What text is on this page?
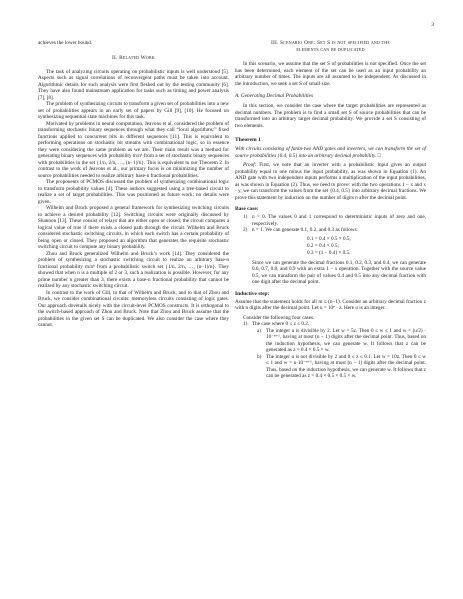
3

achieves the lower bound.

II. Related Work

The task of analyzing circuits operating on probabilistic inputs is well understood [5]. Aspects such as signal correlations of reconvergent paths must be taken into account. Algorithmic details for such analysis were first fleshed out by the testing community [6]. They have also found mainstream application for tasks such as timing and power analysis [7], [8].

The problem of synthesizing circuits to transform a given set of probabilities into a new set of probabilities appears in an early set of papers by Gill [9], [10]. He focused on synthesizing sequential state machines for this task.

Motivated by problems in neural computation, Jeavons et al. considered the problem of transforming stochastic binary sequences through what they call “local algorithms:” fixed functions applied to concurrent bits in different sequences [11]. This is equivalent to performing operations on stochastic bit streams with combinational logic, so in essence they were considering the same problem as we are. Their main result was a method for generating binary sequences with probability m/nᵏ from a set of stochastic binary sequences with probabilities in the set {1/n, 2/n, …, (n−1)/n}. This is equivalent to our Theorem 2. In contrast to the work of Jeavons et al., our primary focus is on minimizing the number of source probabilities needed to realize arbitrary base-n fractional probabilities.

The proponents of PCMOS discussed the problem of synthesizing combinational logic to transform probability values [4]. These authors suggested using a tree-based circuit to realize a set of target probabilities. This was positioned as future work; no details were given.

Wilhelm and Bruck proposed a general framework for synthesizing switching circuits to achieve a desired probability [12]. Switching circuits were originally discussed by Shannon [13]. These consist of relays that are either open or closed; the circuit computes a logical value of true if there exists a closed path through the circuit. Wilhelm and Bruck considered stochastic switching circuits, in which each switch has a certain probability of being open or closed. They proposed an algorithm that generates the requisite stochastic switching circuit to compute any binary probability.

Zhou and Bruck generalized Wilhelm and Bruck’s work [14]. They considered the problem of synthesizing a stochastic switching circuit to realize an arbitrary base-n fractional probability m/nᵏ from a probabilistic switch set {1/n, 2/n, …, (n−1)/n}. They showed that when n is a multiple of 2 or 3, such a realization is possible. However, for any prime number n greater than 3, there exists a base-n fractional probability that cannot be realized by any stochastic switching circuit.

In contrast to the work of Gill, to that of Wilhelm and Bruck, and to that of Zhou and Bruck, we consider combinational circuits: memoryless circuits consisting of logic gates. Our approach dovetails nicely with the circuit-level PCMOS constructs. It is orthogonal to the switch-based approach of Zhou and Bruck. Note that Zhou and Bruck assume that the probabilities in the given set S can be duplicated. We also consider the case where they cannot.

III. Scenario One: Set S is not specified and the
elements can be duplicated

In this scenario, we assume that the set S of probabilities is not specified. Once the set has been determined, each element of the set can be used as an input probability an arbitrary number of times. The inputs are all assumed to be independent. As discussed in the introduction, we seek a set S of small size.

A. Generating Decimal Probabilities

In this section, we consider the case where the target probabilities are represented as decimal numbers. The problem is to find a small set S of source probabilities that can be transformed into an arbitrary target decimal probability. We provide a set S consisting of two elements.

Theorem 1

With circuits consisting of fanin-two AND gates and inverters, we can transform the set of source probabilities {0.4, 0.5} into an arbitrary decimal probability. □

Proof: First, we note that an inverter with a probabilistic input gives an output probability equal to one minus the input probability, as was shown in Equation (1). An AND gate with two independent inputs performs a multiplication of the input probabilities, as was shown in Equation (2). Thus, we need to prove: with the two operations 1 − x and x · y, we can transform the values from the set {0.4, 0.5} into arbitrary decimal fractions. We prove this statement by induction on the number of digits n after the decimal point.

Base case:
1) n = 0. The values 0 and 1 correspond to deterministic inputs of zero and one, respectively.
2) n = 1. We can generate 0.1, 0.2, and 0.3 as follows:
0.1 = 0.4 × 0.5 × 0.5,
0.2 = 0.4 × 0.5,
0.3 = (1 − 0.4) × 0.5.

Since we can generate the decimal fractions 0.1, 0.2, 0.3, and 0.4, we can generate 0.6, 0.7, 0.8, and 0.9 with an extra 1 − x operation. Together with the source value 0.5, we can transform the pair of values 0.4 and 0.5 into any decimal fraction with one digit after the decimal point.

Inductive step:

Assume that the statement holds for all m ≤ (n−1). Consider an arbitrary decimal fraction z with n digits after the decimal point. Let u = 10ⁿ · z. Here u is an integer.

Consider the following four cases.

1) The case where 0 ≤ z ≤ 0.2.
a) The integer u is divisible by 2. Let w = 5z. Then 0 ≤ w ≤ 1 and w = (u/2) · 10⁻ⁿ⁺¹, having at most (n − 1) digits after the decimal point. Thus, based on the induction hypothesis, we can generate w. It follows that z can be generated as z = 0.4 × 0.5 × w.
b) The integer u is not divisible by 2 and 0 ≤ z ≤ 0.1. Let w = 10z. Then 0 ≤ w ≤ 1 and w = u·10⁻ⁿ⁺¹, having at most (n − 1) digits after the decimal point. Thus, based on the induction hypothesis, we can generate w. It follows that z can be generated as z = 0.4 × 0.5 × 0.5 × w.
